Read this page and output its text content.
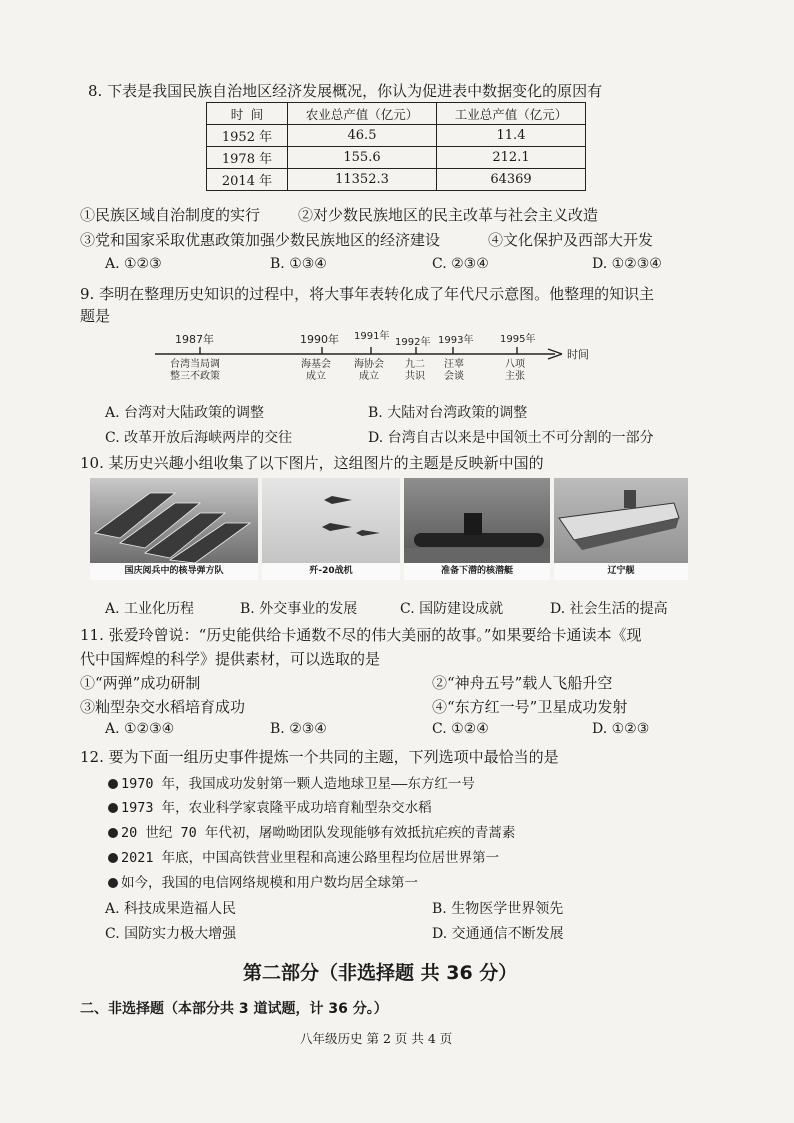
8. 下表是我国民族自治地区经济发展概况，你认为促进表中数据变化的原因有
时 间	农业总产值（亿元）	工业总产值（亿元）
1952 年	46.5	11.4
1978 年	155.6	212.1
2014 年	11352.3	64369
①民族区域自治制度的实行	②对少数民族地区的民主改革与社会主义改造
③党和国家采取优惠政策加强少数民族地区的经济建设	④文化保护及西部大开发
A. ①②③	B. ①③④	C. ②③④	D. ①②③④
9. 李明在整理历史知识的过程中，将大事年表转化成了年代尺示意图。他整理的知识主
题是
1987年	1990年 1991年
1992年 1993年	1995年
时间
台湾当局调
整三不政策
海基会
成立
海协会
成立
九二
共识
汪辜
会谈
八项
主张
A. 台湾对大陆政策的调整	B. 大陆对台湾政策的调整
C. 改革开放后海峡两岸的交往	D. 台湾自古以来是中国领土不可分割的一部分
10. 某历史兴趣小组收集了以下图片，这组图片的主题是反映新中国的
国庆阅兵中的核导弹方队	歼-20战机	准备下潜的核潜艇	辽宁舰
A. 工业化历程	B. 外交事业的发展	C. 国防建设成就	D. 社会生活的提高
11. 张爱玲曾说：“历史能供给卡通数不尽的伟大美丽的故事。”如果要给卡通读本《现
代中国辉煌的科学》提供素材，可以选取的是
①“两弹”成功研制	②“神舟五号”载人飞船升空
③籼型杂交水稻培育成功	④“东方红一号”卫星成功发射
A. ①②③④	B. ②③④	C. ①②④	D. ①②③
12. 要为下面一组历史事件提炼一个共同的主题，下列选项中最恰当的是
1970 年，我国成功发射第一颗人造地球卫星——东方红一号
1973 年，农业科学家袁隆平成功培育籼型杂交水稻
20 世纪 70 年代初，屠呦呦团队发现能够有效抵抗疟疾的青蒿素
2021 年底，中国高铁营业里程和高速公路里程均位居世界第一
如今，我国的电信网络规模和用户数均居全球第一
A. 科技成果造福人民	B. 生物医学世界领先
C. 国防实力极大增强	D. 交通通信不断发展
第二部分（非选择题 共 36 分）
二、非选择题（本部分共 3 道试题，计 36 分。）
八年级历史 第 2 页 共 4 页
